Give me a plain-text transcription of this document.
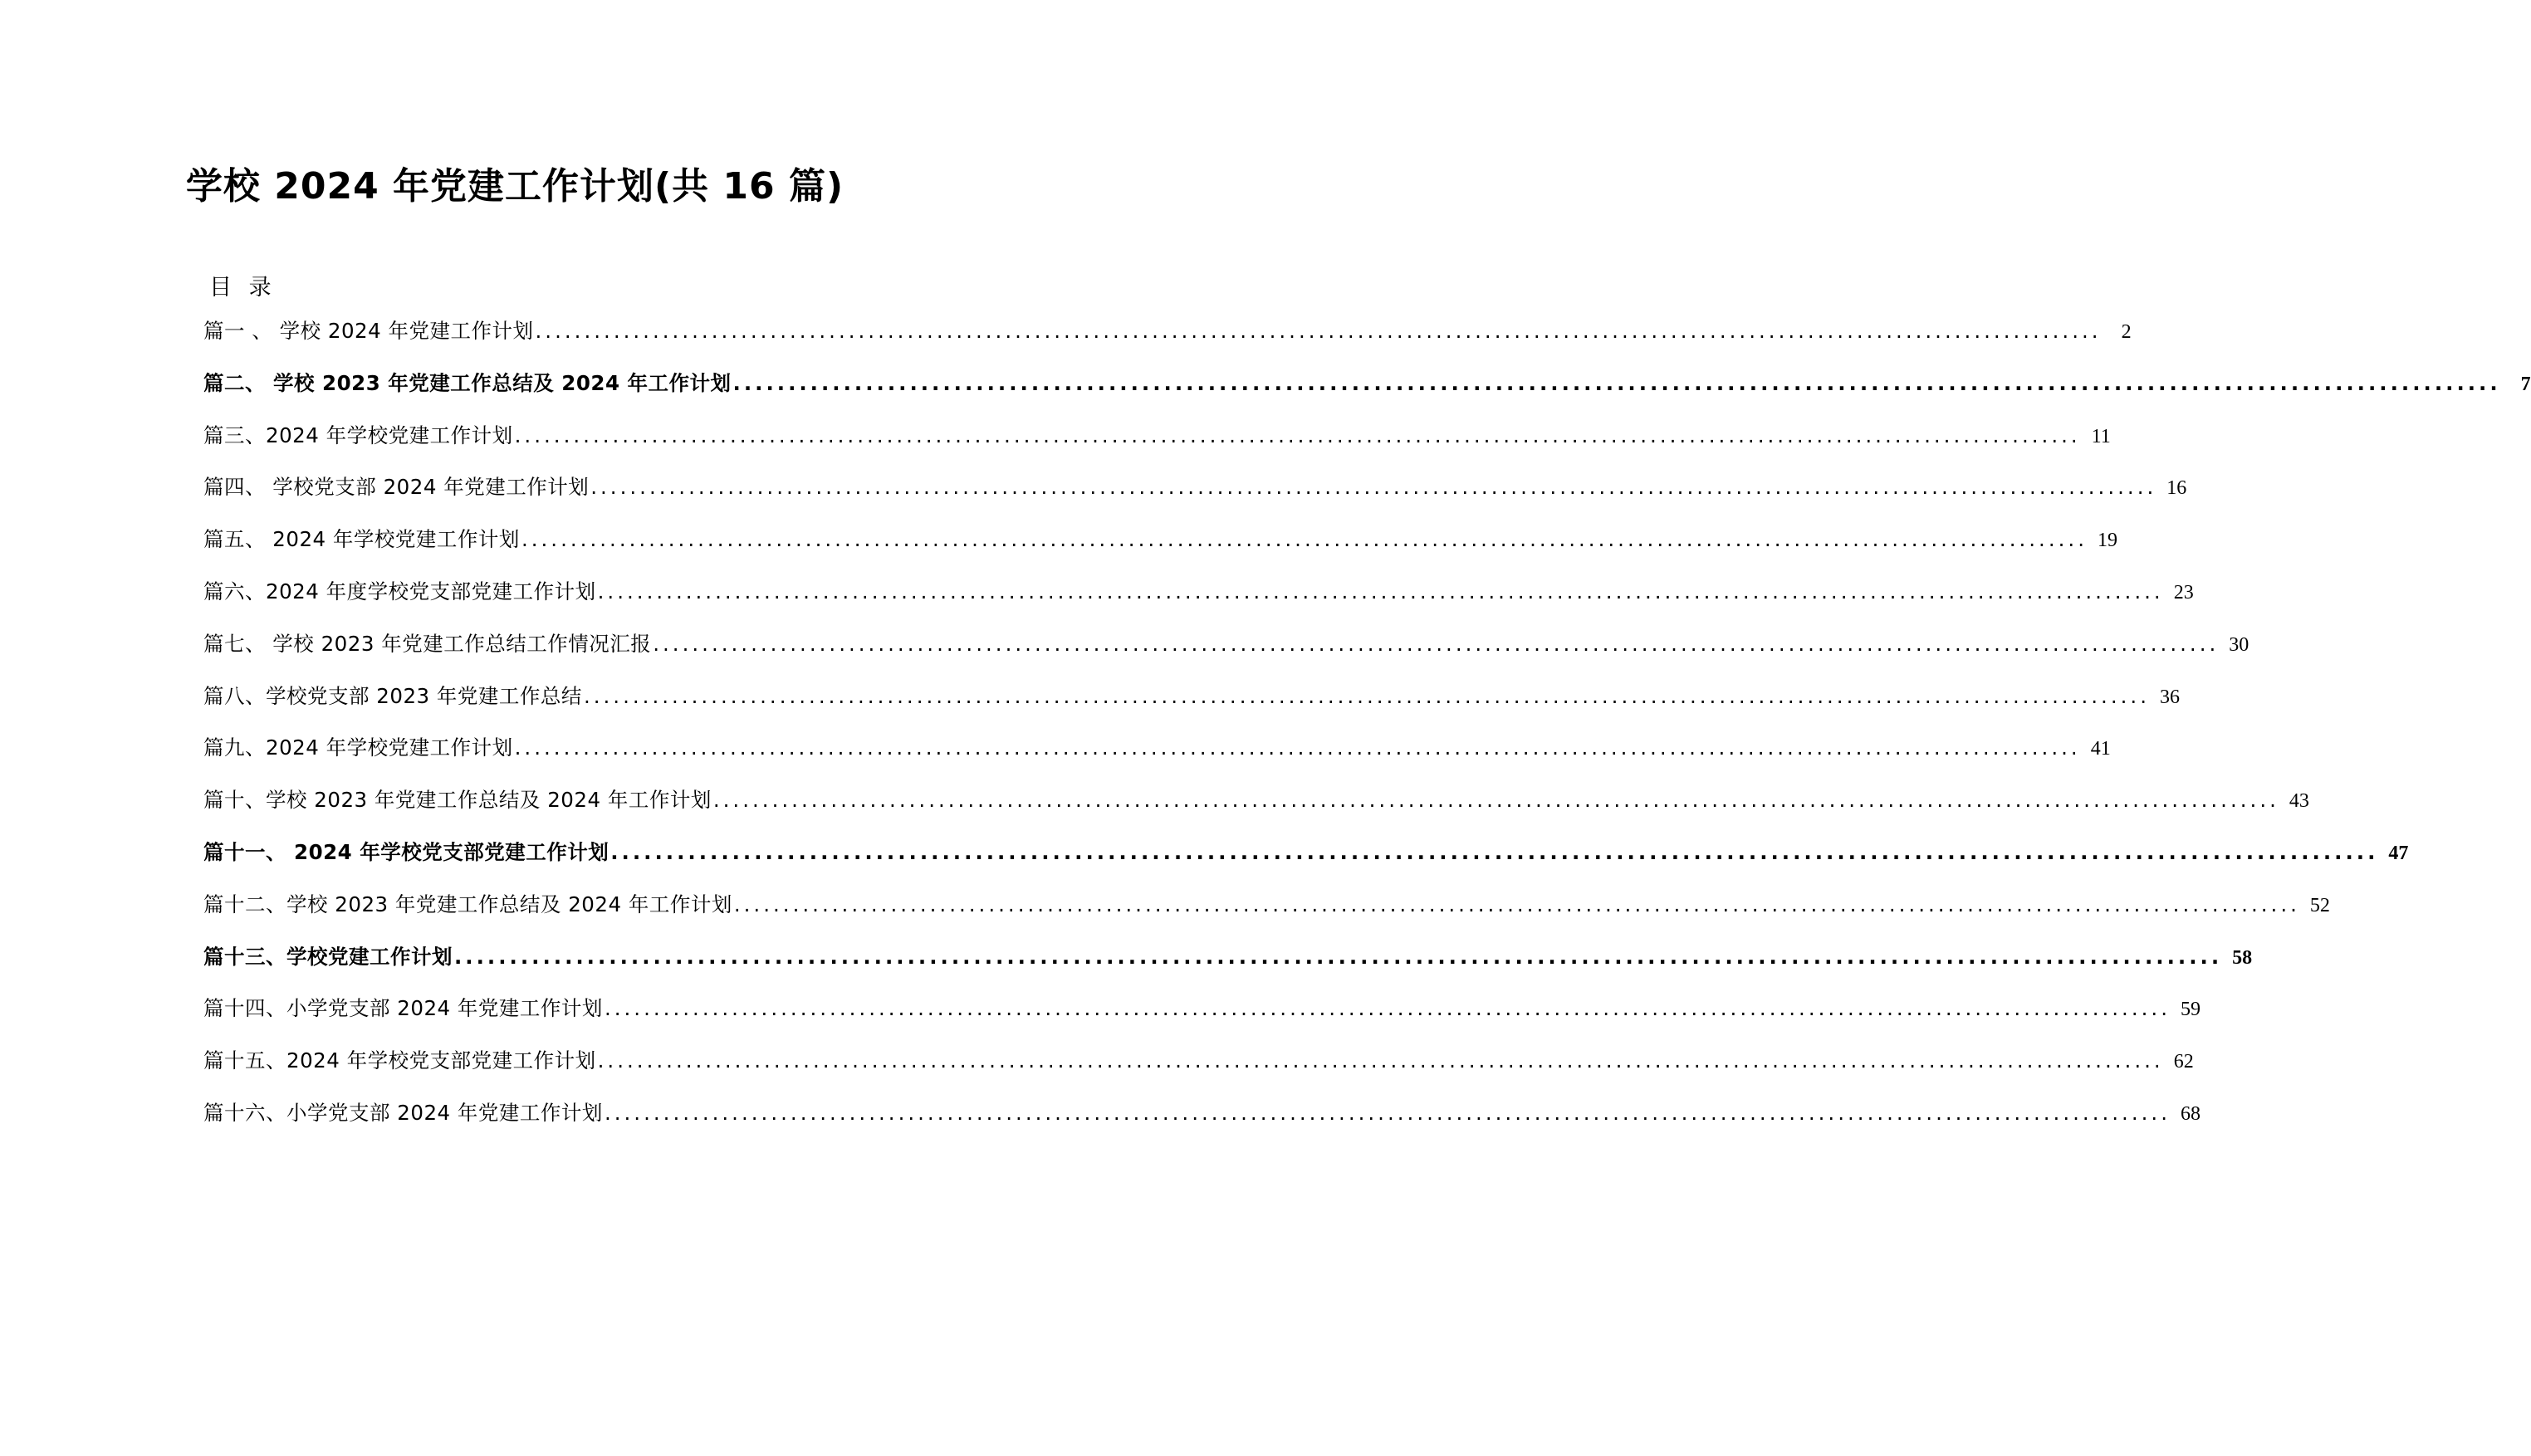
学校 2024 年党建工作计划(共 16 篇)
目 录
篇一 、 学校 2024 年党建工作计划 ................................................................................................................................................................	2
篇二、 学校 2023 年党建工作总结及 2024 年工作计划 ................................................................................................................................................................	7
篇三、2024 年学校党建工作计划 ................................................................................................................................................................ 11
篇四、 学校党支部 2024 年党建工作计划 ................................................................................................................................................................ 16
篇五、 2024 年学校党建工作计划 ................................................................................................................................................................ 19
篇六、2024 年度学校党支部党建工作计划 ................................................................................................................................................................ 23
篇七、 学校 2023 年党建工作总结工作情况汇报 ................................................................................................................................................................ 30
篇八、学校党支部 2023 年党建工作总结 ................................................................................................................................................................ 36
篇九、2024 年学校党建工作计划 ................................................................................................................................................................ 41
篇十、学校 2023 年党建工作总结及 2024 年工作计划 ................................................................................................................................................................ 43
篇十一、 2024 年学校党支部党建工作计划 ................................................................................................................................................................ 47
篇十二、学校 2023 年党建工作总结及 2024 年工作计划 ................................................................................................................................................................ 52
篇十三、学校党建工作计划 ................................................................................................................................................................ 58
篇十四、小学党支部 2024 年党建工作计划 ................................................................................................................................................................ 59
篇十五、2024 年学校党支部党建工作计划 ................................................................................................................................................................ 62
篇十六、小学党支部 2024 年党建工作计划 ................................................................................................................................................................ 68
